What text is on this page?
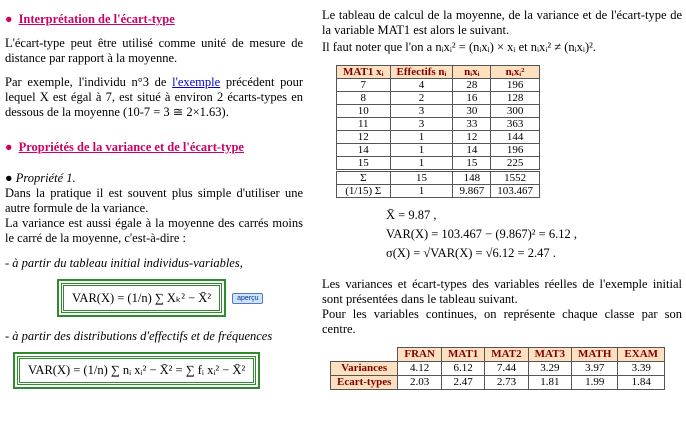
● Interprétation de l'écart-type

L'écart-type peut être utilisé comme unité de mesure de distance par rapport à la moyenne.

Par exemple, l'individu n°3 de l'exemple précédent pour lequel X est égal à 7, est situé à environ 2 écarts-types en dessous de la moyenne (10-7 = 3 ≅ 2×1.63).

● Propriétés de la variance et de l'écart-type

● Propriété 1.

Dans la pratique il est souvent plus simple d'utiliser une autre formule de la variance.

La variance est aussi égale à la moyenne des carrés moins le carré de la moyenne, c'est-à-dire :

- à partir du tableau initial individus-variables,

VAR(X) = (1/n) ∑ Xₖ² − X̄²	aperçu

- à partir des distributions d'effectifs et de fréquences

VAR(X) = (1/n) ∑ nᵢ xᵢ² − X̄² = ∑ fᵢ xᵢ² − X̄²

Le tableau de calcul de la moyenne, de la variance et de l'écart-type de la variable MAT1 est alors le suivant.

Il faut noter que l'on a nᵢxᵢ² = (nᵢxᵢ) × xᵢ et nᵢxᵢ² ≠ (nᵢxᵢ)².

MAT1 xᵢ	Effectifs nᵢ	nᵢxᵢ	nᵢxᵢ²
7	4	28	196
8	2	16	128
10	3	30	300
11	3	33	363
12	1	12	144
14	1	14	196
15	1	15	225
Σ	15	148	1552
(1/15) Σ	1	9.867	103.467
X̄ = 9.87 ,
VAR(X) = 103.467 − (9.867)² = 6.12 ,
σ(X) = √VAR(X) = √6.12 = 2.47 .

Les variances et écart-types des variables réelles de l'exemple initial sont présentées dans le tableau suivant.

Pour les variables continues, on représente chaque classe par son centre.

	FRAN	MAT1	MAT2	MAT3	MATH	EXAM
Variances	4.12	6.12	7.44	3.29	3.97	3.39
Ecart-types	2.03	2.47	2.73	1.81	1.99	1.84
